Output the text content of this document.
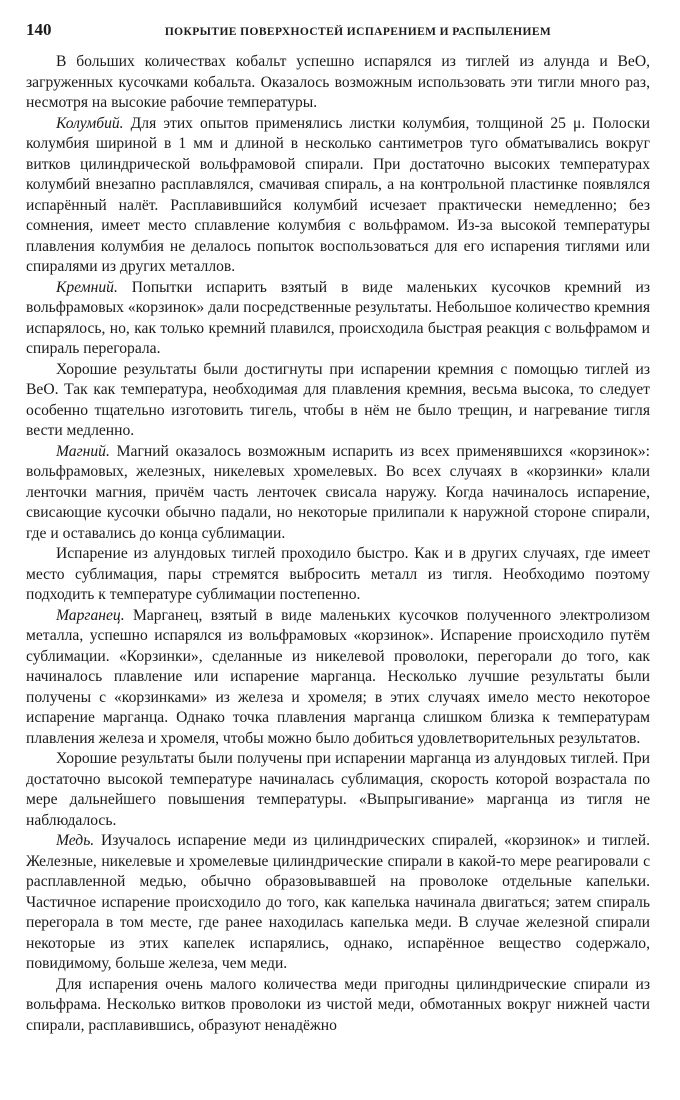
140	ПОКРЫТИЕ ПОВЕРХНОСТЕЙ ИСПАРЕНИЕМ И РАСПЫЛЕНИЕМ

В больших количествах кобальт успешно испарялся из тиглей из алунда и BeO, загруженных кусочками кобальта. Оказалось возможным использовать эти тигли много раз, несмотря на высокие рабочие температуры.

Колумбий. Для этих опытов применялись листки колумбия, толщиной 25 μ. Полоски колумбия шириной в 1 мм и длиной в несколько сантиметров туго обматывались вокруг витков цилиндрической вольфрамовой спирали. При достаточно высоких температурах колумбий внезапно расплавлялся, смачивая спираль, а на контрольной пластинке появлялся испарённый налёт. Расплавившийся колумбий исчезает практически немедленно; без сомнения, имеет место сплавление колумбия с вольфрамом. Из-за высокой температуры плавления колумбия не делалось попыток воспользоваться для его испарения тиглями или спиралями из других металлов.

Кремний. Попытки испарить взятый в виде маленьких кусочков кремний из вольфрамовых «корзинок» дали посредственные результаты. Небольшое количество кремния испарялось, но, как только кремний плавился, происходила быстрая реакция с вольфрамом и спираль перегорала.

Хорошие результаты были достигнуты при испарении кремния с помощью тиглей из BeO. Так как температура, необходимая для плавления кремния, весьма высока, то следует особенно тщательно изготовить тигель, чтобы в нём не было трещин, и нагревание тигля вести медленно.

Магний. Магний оказалось возможным испарить из всех применявшихся «корзинок»: вольфрамовых, железных, никелевых хромелевых. Во всех случаях в «корзинки» клали ленточки магния, причём часть ленточек свисала наружу. Когда начиналось испарение, свисающие кусочки обычно падали, но некоторые прилипали к наружной стороне спирали, где и оставались до конца сублимации.

Испарение из алундовых тиглей проходило быстро. Как и в других случаях, где имеет место сублимация, пары стремятся выбросить металл из тигля. Необходимо поэтому подходить к температуре сублимации постепенно.

Марганец. Марганец, взятый в виде маленьких кусочков полученного электролизом металла, успешно испарялся из вольфрамовых «корзинок». Испарение происходило путём сублимации. «Корзинки», сделанные из никелевой проволоки, перегорали до того, как начиналось плавление или испарение марганца. Несколько лучшие результаты были получены с «корзинками» из железа и хромеля; в этих случаях имело место некоторое испарение марганца. Однако точка плавления марганца слишком близка к температурам плавления железа и хромеля, чтобы можно было добиться удовлетворительных результатов.

Хорошие результаты были получены при испарении марганца из алундовых тиглей. При достаточно высокой температуре начиналась сублимация, скорость которой возрастала по мере дальнейшего повышения температуры. «Выпрыгивание» марганца из тигля не наблюдалось.

Медь. Изучалось испарение меди из цилиндрических спиралей, «корзинок» и тиглей. Железные, никелевые и хромелевые цилиндрические спирали в какой-то мере реагировали с расплавленной медью, обычно образовывавшей на проволоке отдельные капельки. Частичное испарение происходило до того, как капелька начинала двигаться; затем спираль перегорала в том месте, где ранее находилась капелька меди. В случае железной спирали некоторые из этих капелек испарялись, однако, испарённое вещество содержало, повидимому, больше железа, чем меди.

Для испарения очень малого количества меди пригодны цилиндрические спирали из вольфрама. Несколько витков проволоки из чистой меди, обмотанных вокруг нижней части спирали, расплавившись, образуют ненадёжно
